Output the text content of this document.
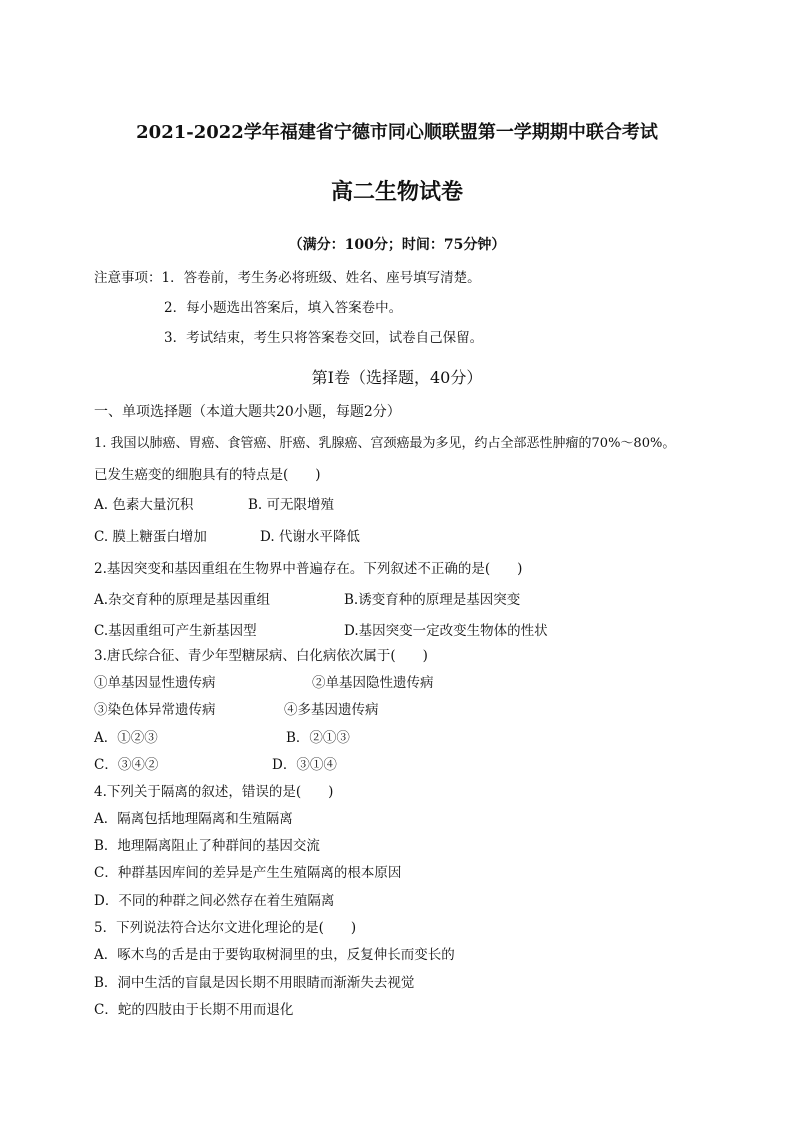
2021-2022学年福建省宁德市同心顺联盟第一学期期中联合考试
高二生物试卷
（满分：100分；时间：75分钟）
注意事项：1．答卷前，考生务必将班级、姓名、座号填写清楚。
2．每小题选出答案后，填入答案卷中。
3．考试结束，考生只将答案卷交回，试卷自己保留。
第Ⅰ卷（选择题，40分）
一、单项选择题（本道大题共20小题，每题2分）
1. 我国以肺癌、胃癌、食管癌、肝癌、乳腺癌、宫颈癌最为多见，约占全部恶性肿瘤的70%～80%。
已发生癌变的细胞具有的特点是(　　)
A. 色素大量沉积	B. 可无限增殖
C. 膜上糖蛋白增加	D. 代谢水平降低
2.基因突变和基因重组在生物界中普遍存在。下列叙述不正确的是(　　)
A.杂交育种的原理是基因重组	B.诱变育种的原理是基因突变
C.基因重组可产生新基因型	D.基因突变一定改变生物体的性状
3.唐氏综合征、青少年型糖尿病、白化病依次属于(　　)
①单基因显性遗传病	②单基因隐性遗传病
③染色体异常遗传病	④多基因遗传病
A．①②③	B．②①③
C．③④②	D．③①④
4.下列关于隔离的叙述，错误的是(　　)
A．隔离包括地理隔离和生殖隔离
B．地理隔离阻止了种群间的基因交流
C．种群基因库间的差异是产生生殖隔离的根本原因
D．不同的种群之间必然存在着生殖隔离
5．下列说法符合达尔文进化理论的是(　　)
A．啄木鸟的舌是由于要钩取树洞里的虫，反复伸长而变长的
B．洞中生活的盲鼠是因长期不用眼睛而渐渐失去视觉
C．蛇的四肢由于长期不用而退化
